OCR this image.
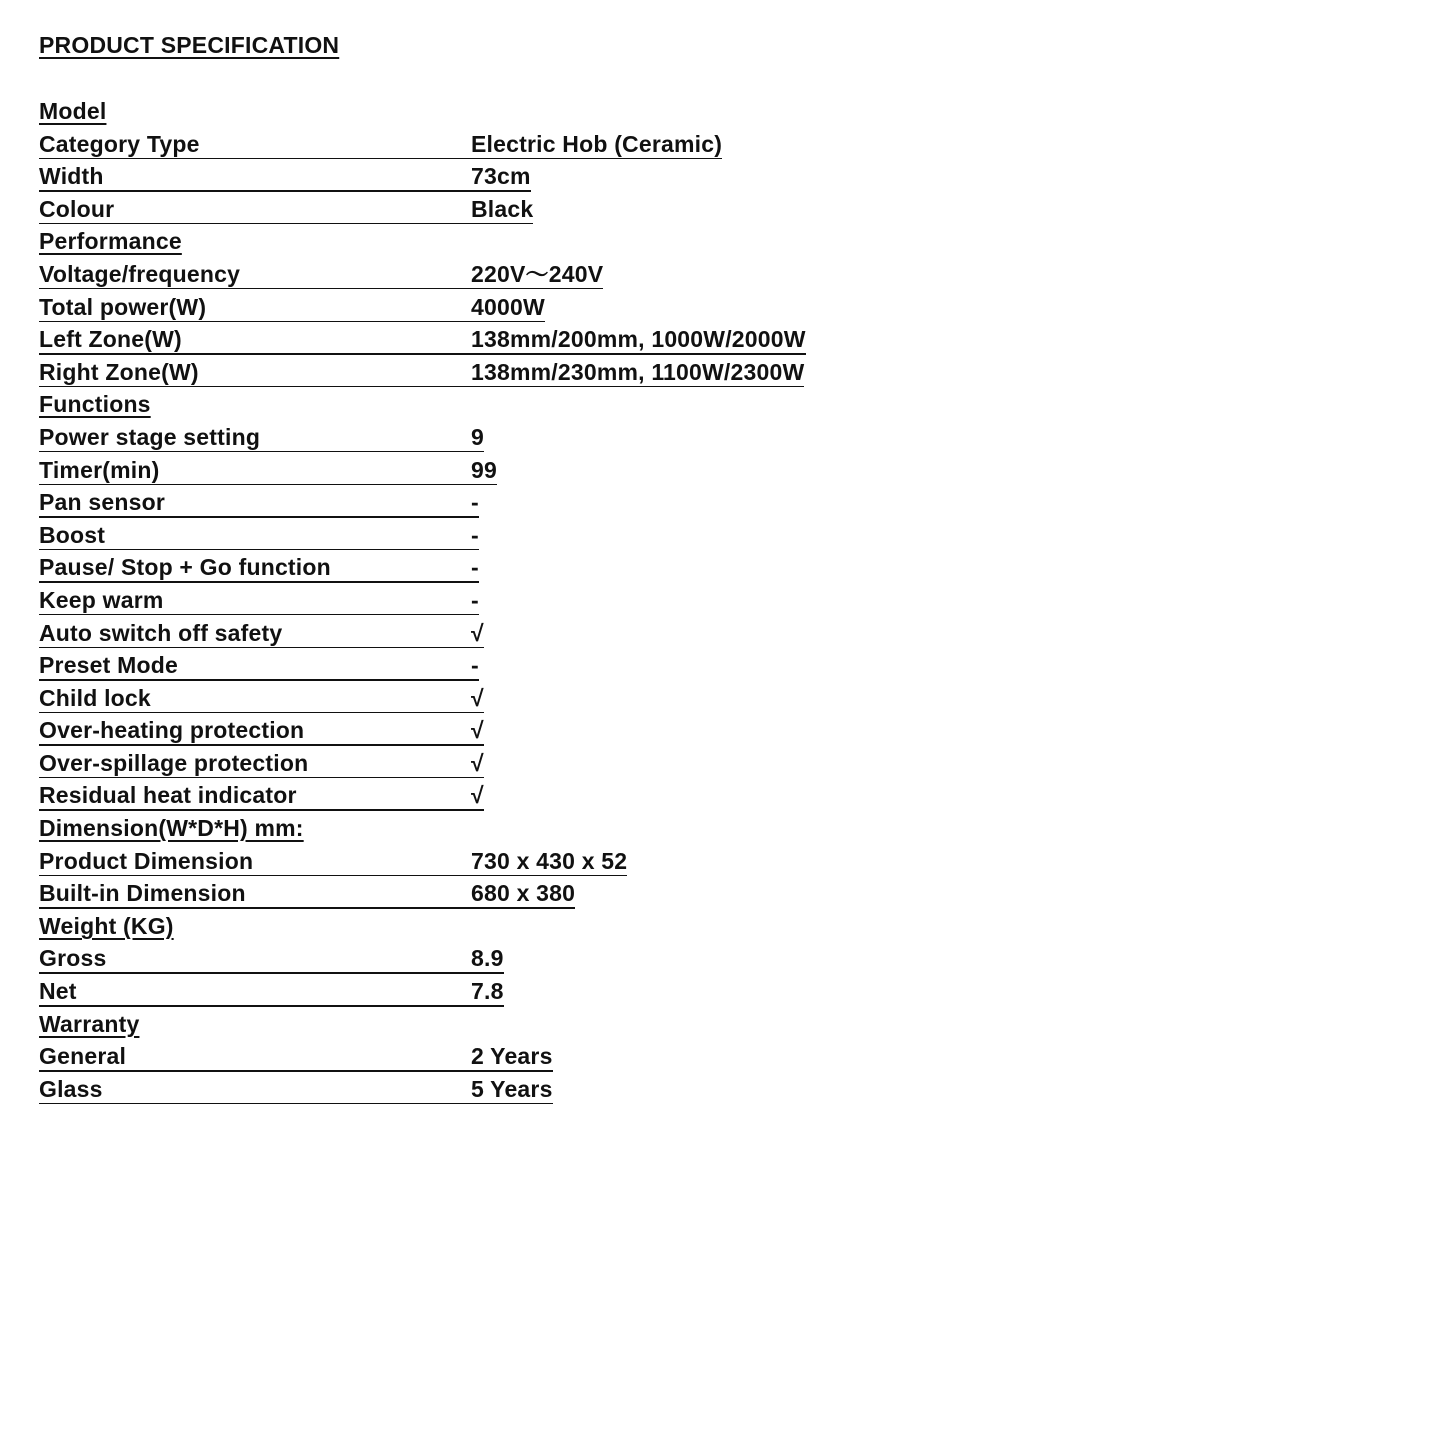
PRODUCT SPECIFICATION
Model
Category Type	Electric Hob (Ceramic)
Width	73cm
Colour	Black
Performance
Voltage/frequency	220V～240V
Total power(W)	4000W
Left Zone(W)	138mm/200mm, 1000W/2000W
Right Zone(W)	138mm/230mm, 1100W/2300W
Functions
Power stage setting	9
Timer(min)	99
Pan sensor	-
Boost	-
Pause/ Stop + Go function	-
Keep warm	-
Auto switch off safety	√
Preset Mode	-
Child lock	√
Over-heating protection	√
Over-spillage protection	√
Residual heat indicator	√
Dimension(W*D*H) mm:
Product Dimension	730 x 430 x 52
Built-in Dimension	680 x 380
Weight (KG)
Gross	8.9
Net	7.8
Warranty
General	2 Years
Glass	5 Years
